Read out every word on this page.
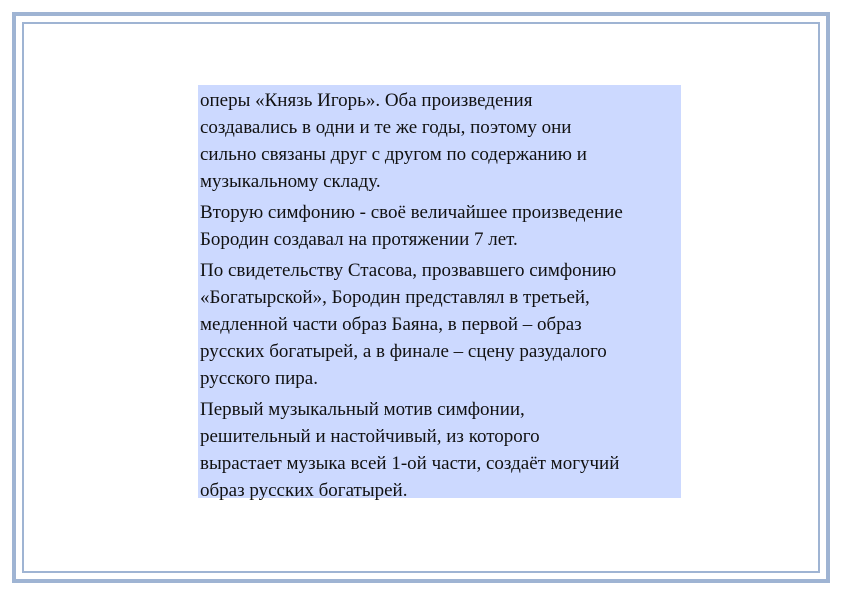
оперы «Князь Игорь». Оба произведения
создавались в одни и те же годы, поэтому они
сильно связаны друг с другом по содержанию и
музыкальному складу.

Вторую симфонию - своё величайшее произведение
Бородин создавал на протяжении 7 лет.

По свидетельству Стасова, прозвавшего симфонию
«Богатырской», Бородин представлял в третьей,
медленной части образ Баяна, в первой – образ
русских богатырей, а в финале – сцену разудалого
русского пира.

Первый музыкальный мотив симфонии,
решительный и настойчивый, из которого
вырастает музыка всей 1-ой части, создаёт могучий
образ русских богатырей.
